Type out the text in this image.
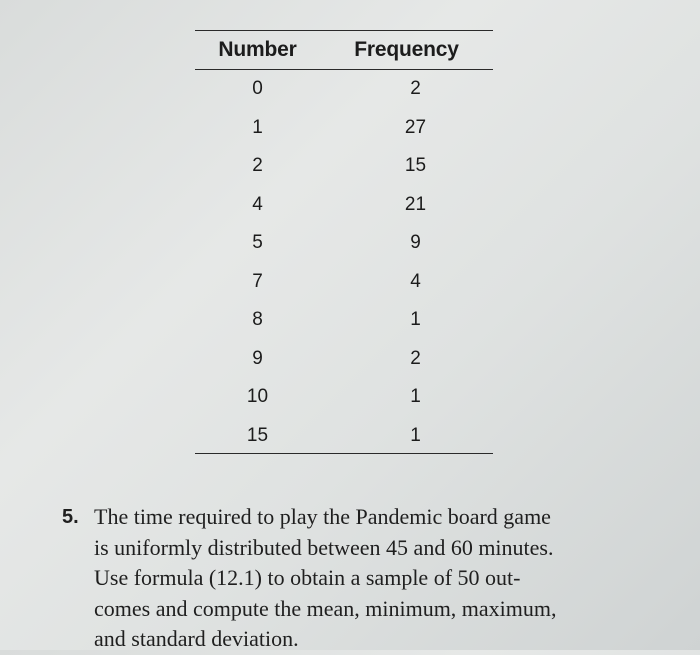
Number	Frequency
0	2
1	27
2	15
4	21
5	9
7	4
8	1
9	2
10	1
15	1
5. The time required to play the Pandemic board game
is uniformly distributed between 45 and 60 minutes.
Use formula (12.1) to obtain a sample of 50 out-
comes and compute the mean, minimum, maximum,
and standard deviation.
